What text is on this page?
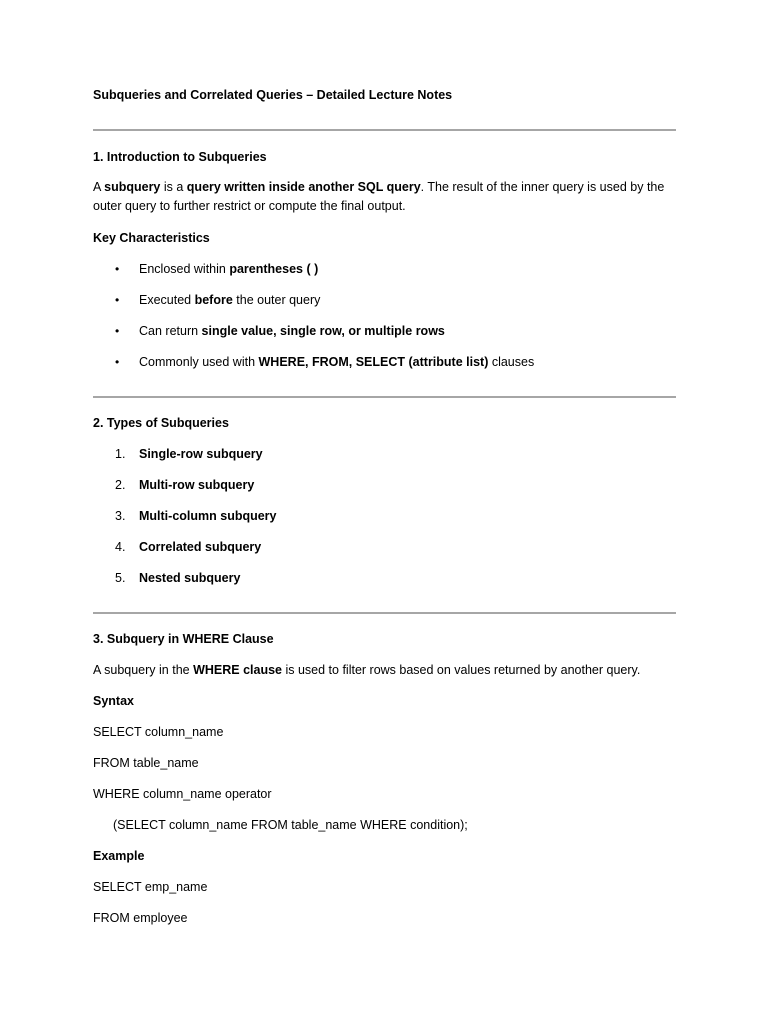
Subqueries and Correlated Queries – Detailed Lecture Notes
1. Introduction to Subqueries
A subquery is a query written inside another SQL query. The result of the inner query is used by the outer query to further restrict or compute the final output.
Key Characteristics
• Enclosed within parentheses ( )
• Executed before the outer query
• Can return single value, single row, or multiple rows
• Commonly used with WHERE, FROM, SELECT (attribute list) clauses
2. Types of Subqueries
1. Single-row subquery
2. Multi-row subquery
3. Multi-column subquery
4. Correlated subquery
5. Nested subquery
3. Subquery in WHERE Clause
A subquery in the WHERE clause is used to filter rows based on values returned by another query.
Syntax
SELECT column_name
FROM table_name
WHERE column_name operator
(SELECT column_name FROM table_name WHERE condition);
Example
SELECT emp_name
FROM employee
